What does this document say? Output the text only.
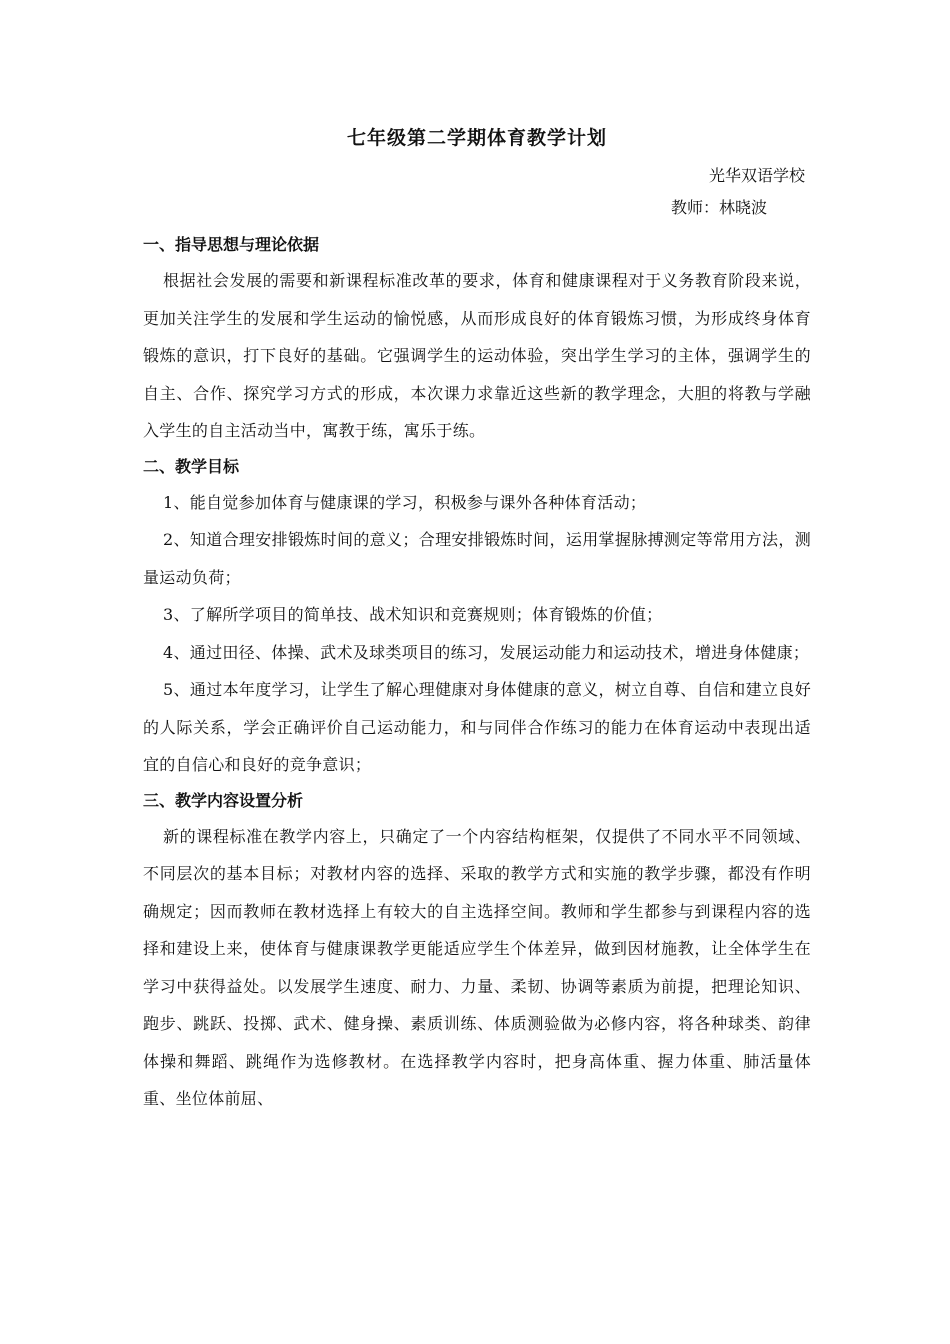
七年级第二学期体育教学计划
光华双语学校
教师：林晓波
一、指导思想与理论依据

根据社会发展的需要和新课程标准改革的要求，体育和健康课程对于义务教育阶段来说，更加关注学生的发展和学生运动的愉悦感，从而形成良好的体育锻炼习惯，为形成终身体育锻炼的意识，打下良好的基础。它强调学生的运动体验，突出学生学习的主体，强调学生的自主、合作、探究学习方式的形成，本次课力求靠近这些新的教学理念，大胆的将教与学融入学生的自主活动当中，寓教于练，寓乐于练。

二、教学目标

1、能自觉参加体育与健康课的学习，积极参与课外各种体育活动；

2、知道合理安排锻炼时间的意义；合理安排锻炼时间，运用掌握脉搏测定等常用方法，测量运动负荷；

3、了解所学项目的简单技、战术知识和竞赛规则；体育锻炼的价值；

4、通过田径、体操、武术及球类项目的练习，发展运动能力和运动技术，增进身体健康；

5、通过本年度学习，让学生了解心理健康对身体健康的意义，树立自尊、自信和建立良好的人际关系，学会正确评价自己运动能力，和与同伴合作练习的能力在体育运动中表现出适宜的自信心和良好的竞争意识；

三、教学内容设置分析

新的课程标准在教学内容上，只确定了一个内容结构框架，仅提供了不同水平不同领域、不同层次的基本目标；对教材内容的选择、采取的教学方式和实施的教学步骤，都没有作明确规定；因而教师在教材选择上有较大的自主选择空间。教师和学生都参与到课程内容的选择和建设上来，使体育与健康课教学更能适应学生个体差异，做到因材施教，让全体学生在学习中获得益处。以发展学生速度、耐力、力量、柔韧、协调等素质为前提，把理论知识、跑步、跳跃、投掷、武术、健身操、素质训练、体质测验做为必修内容，将各种球类、韵律体操和舞蹈、跳绳作为选修教材。在选择教学内容时，把身高体重、握力体重、肺活量体重、坐位体前屈、
